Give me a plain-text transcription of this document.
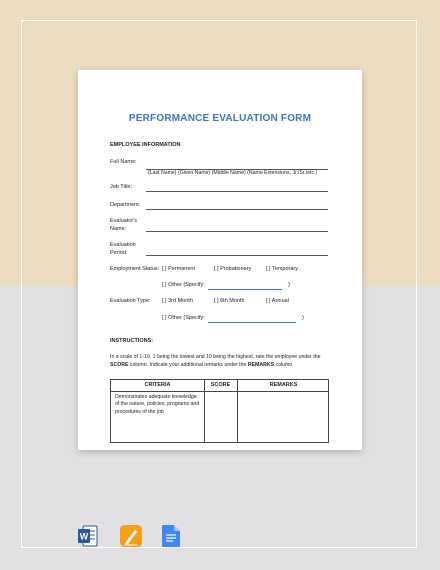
PERFORMANCE EVALUATION FORM
EMPLOYEE INFORMATION
Full Name:
(Last Name) (Given Name) (Middle Name) (Name Extensions, Jr./Sr./etc.)
Job Title:
Department:
Evaluator's
Name:
Evaluation
Period:
Employment Status: [ ] Permanent	[ ] Probationary	[ ] Temporary
[ ] Other (Specify:	)
Evaluation Type: [ ] 3rd Month	[ ] 6th Month	[ ] Annual
[ ] Other (Specify:	)
INSTRUCTIONS:
In a scale of 1-10, 1 being the lowest and 10 being the highest, rate the employee under the
SCORE column. Indicate your additional remarks under the REMARKS column.
CRITERIA	SCORE	REMARKS
Demonstrates adequate knowledge of the nature, policies, programs and procedures of the job
W
